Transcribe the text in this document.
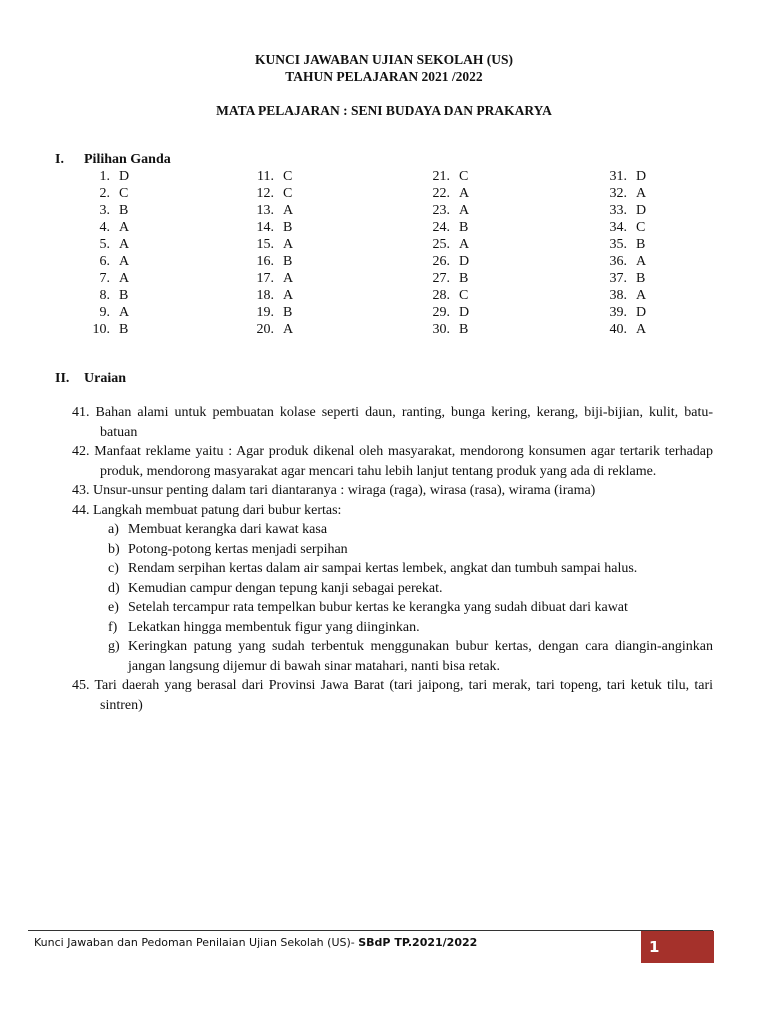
KUNCI JAWABAN UJIAN SEKOLAH (US)
TAHUN PELAJARAN 2021 /2022
MATA PELAJARAN : SENI BUDAYA DAN PRAKARYA
I. Pilihan Ganda
1. D
2. C
3. B
4. A
5. A
6. A
7. A
8. B
9. A
10. B
11. C
12. C
13. A
14. B
15. A
16. B
17. A
18. A
19. B
20. A
21. C
22. A
23. A
24. B
25. A
26. D
27. B
28. C
29. D
30. B
31. D
32. A
33. D
34. C
35. B
36. A
37. B
38. A
39. D
40. A
II. Uraian
41. Bahan alami untuk pembuatan kolase seperti daun, ranting, bunga kering, kerang, biji-bijian, kulit, batu-batuan
42. Manfaat reklame yaitu : Agar produk dikenal oleh masyarakat, mendorong konsumen agar tertarik terhadap produk, mendorong masyarakat agar mencari tahu lebih lanjut tentang produk yang ada di reklame.
43. Unsur-unsur penting dalam tari diantaranya : wiraga (raga), wirasa (rasa), wirama (irama)
44. Langkah membuat patung dari bubur kertas:
a) Membuat kerangka dari kawat kasa
b) Potong-potong kertas menjadi serpihan
c) Rendam serpihan kertas dalam air sampai kertas lembek, angkat dan tumbuh sampai halus.
d) Kemudian campur dengan tepung kanji sebagai perekat.
e) Setelah tercampur rata tempelkan bubur kertas ke kerangka yang sudah dibuat dari kawat
f) Lekatkan hingga membentuk figur yang diinginkan.
g) Keringkan patung yang sudah terbentuk menggunakan bubur kertas, dengan cara diangin-anginkan jangan langsung dijemur di bawah sinar matahari, nanti bisa retak.
45. Tari daerah yang berasal dari Provinsi Jawa Barat (tari jaipong, tari merak, tari topeng, tari ketuk tilu, tari sintren)
Kunci Jawaban dan Pedoman Penilaian Ujian Sekolah (US)- SBdP TP.2021/2022	1
